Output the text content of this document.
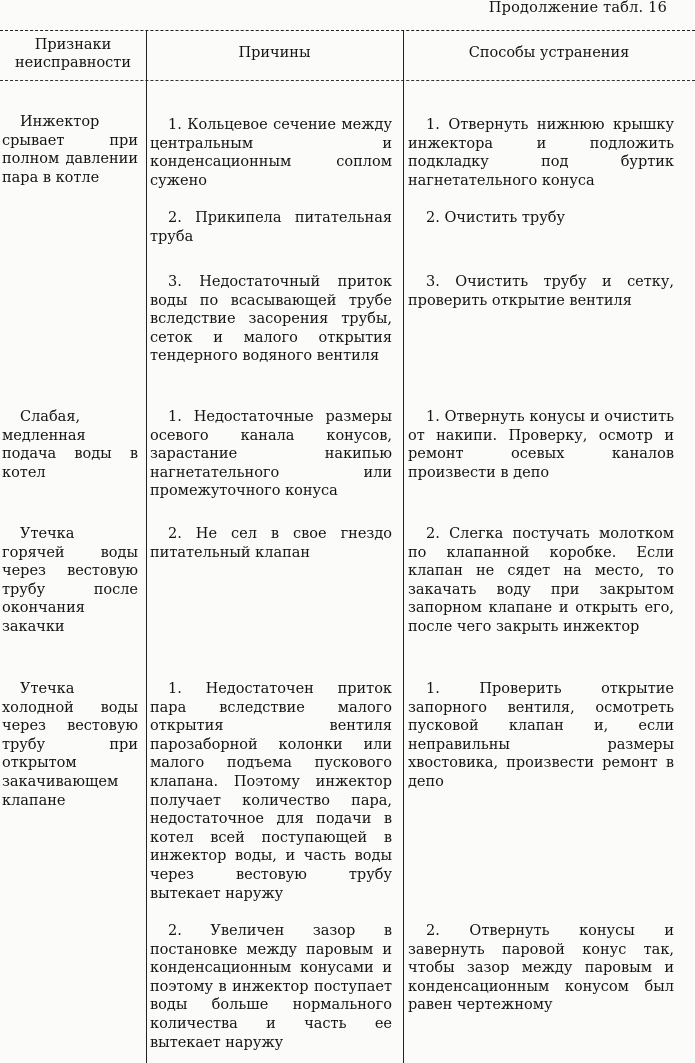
Продолжение табл. 16
Признаки неисправности
Причины	Способы устранения
Инжектор срывает при полном давлении пара в котле
1. Кольцевое сечение между центральным и конденсационным соплом сужено
1. Отвернуть нижнюю крышку инжектора и подложить подкладку под буртик нагнетательного конуса
2. Прикипела питательная труба
2. Очистить трубу
3. Недостаточный приток воды по всасывающей трубе вследствие засорения трубы, сеток и малого открытия тендерного водяного вентиля
3. Очистить трубу и сетку, проверить открытие вентиля
Слабая, медленная подача воды в котел
1. Недостаточные размеры осевого канала конусов, зарастание накипью нагнетательного или промежуточного конуса
1. Отвернуть конусы и очистить от накипи. Проверку, осмотр и ремонт осевых каналов произвести в депо
Утечка горячей воды через вестовую трубу после окончания закачки
2. Не сел в свое гнездо питательный клапан
2. Слегка постучать молотком по клапанной коробке. Если клапан не сядет на место, то закачать воду при закрытом запорном клапане и открыть его, после чего закрыть инжектор
Утечка холодной воды через вестовую трубу при открытом закачивающем клапане
1. Недостаточен приток пара вследствие малого открытия вентиля парозаборной колонки или малого подъема пускового клапана. Поэтому инжектор получает количество пара, недостаточное для подачи в котел всей поступающей в инжектор воды, и часть воды через вестовую трубу вытекает наружу
1. Проверить открытие запорного вентиля, осмотреть пусковой клапан и, если неправильны размеры хвостовика, произвести ремонт в депо
2. Увеличен зазор в постановке между паровым и конденсационным конусами и поэтому в инжектор поступает воды больше нормального количества и часть ее вытекает наружу
2. Отвернуть конусы и завернуть паровой конус так, чтобы зазор между паровым и конденсационным конусом был равен чертежному
